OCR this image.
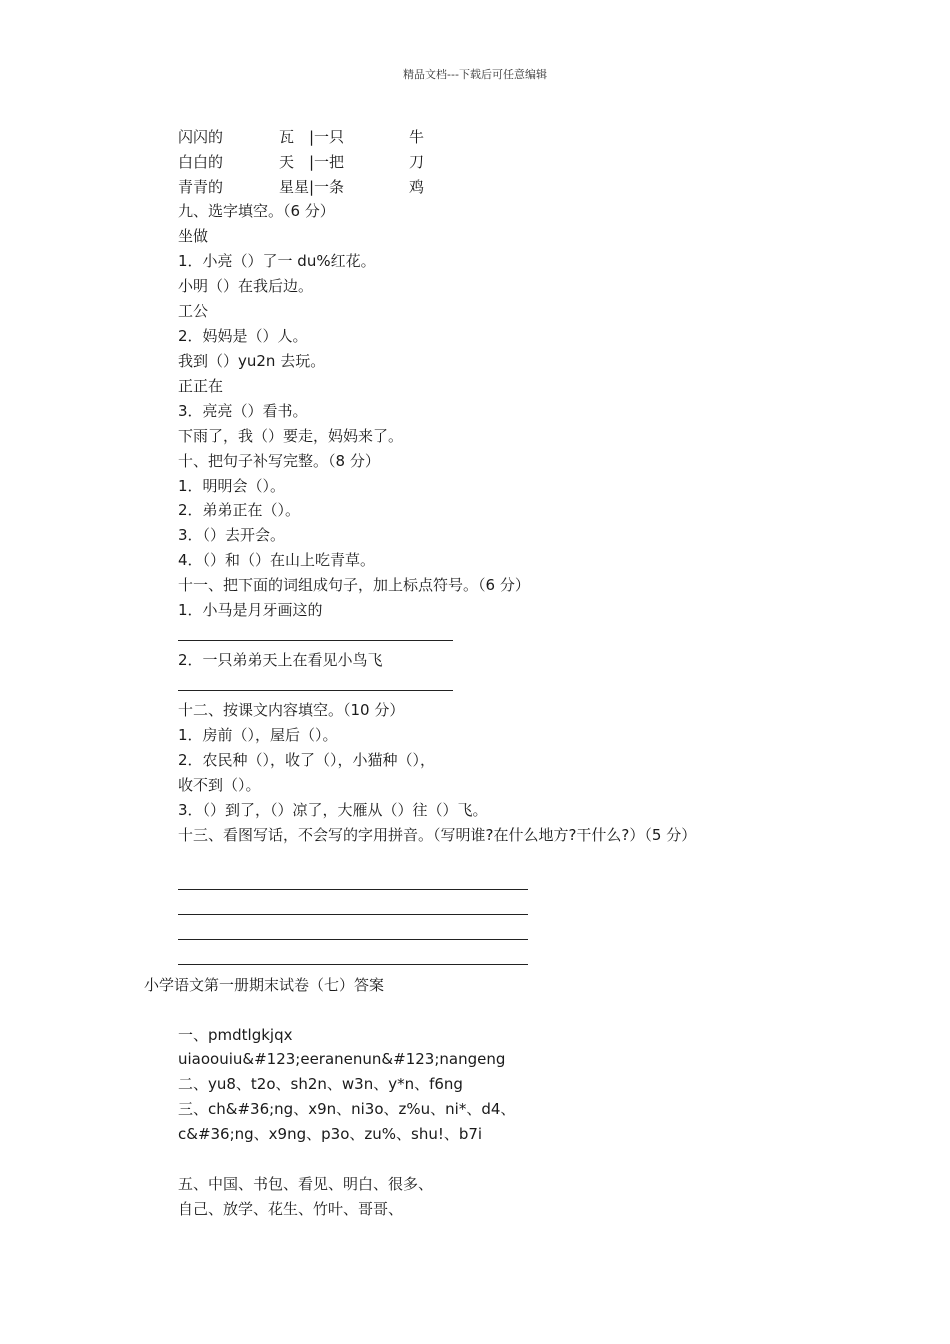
精品文档---下载后可任意编辑
闪闪的	瓦　|一只	牛
白白的	天　|一把	刀
青青的	星星|一条	鸡
九、选字填空。（6 分）
坐做
1．小亮（）了一 du%红花。
小明（）在我后边。
工公
2．妈妈是（）人。
我到（）yu2n 去玩。
正正在
3．亮亮（）看书。
下雨了，我（）要走，妈妈来了。
十、把句子补写完整。（8 分）
1．明明会（）。
2．弟弟正在（）。
3．（）去开会。
4．（）和（）在山上吃青草。
十一、把下面的词组成句子，加上标点符号。（6 分）
1．小马是月牙画这的
2．一只弟弟天上在看见小鸟飞
十二、按课文内容填空。（10 分）
1．房前（），屋后（）。
2．农民种（），收了（），小猫种（），
收不到（）。
3．（）到了，（）凉了，大雁从（）往（）飞。
十三、看图写话，不会写的字用拼音。（写明谁?在什么地方?干什么?）（5 分）
小学语文第一册期末试卷（七）答案
一、pmdtlgkjqx
uiaoouiu&#123;eeranenun&#123;nangeng
二、yu8、t2o、sh2n、w3n、y*n、f6ng
三、ch&#36;ng、x9n、ni3o、z%u、ni*、d4、
c&#36;ng、x9ng、p3o、zu%、shu!、b7i
五、中国、书包、看见、明白、很多、
自己、放学、花生、竹叶、哥哥、
